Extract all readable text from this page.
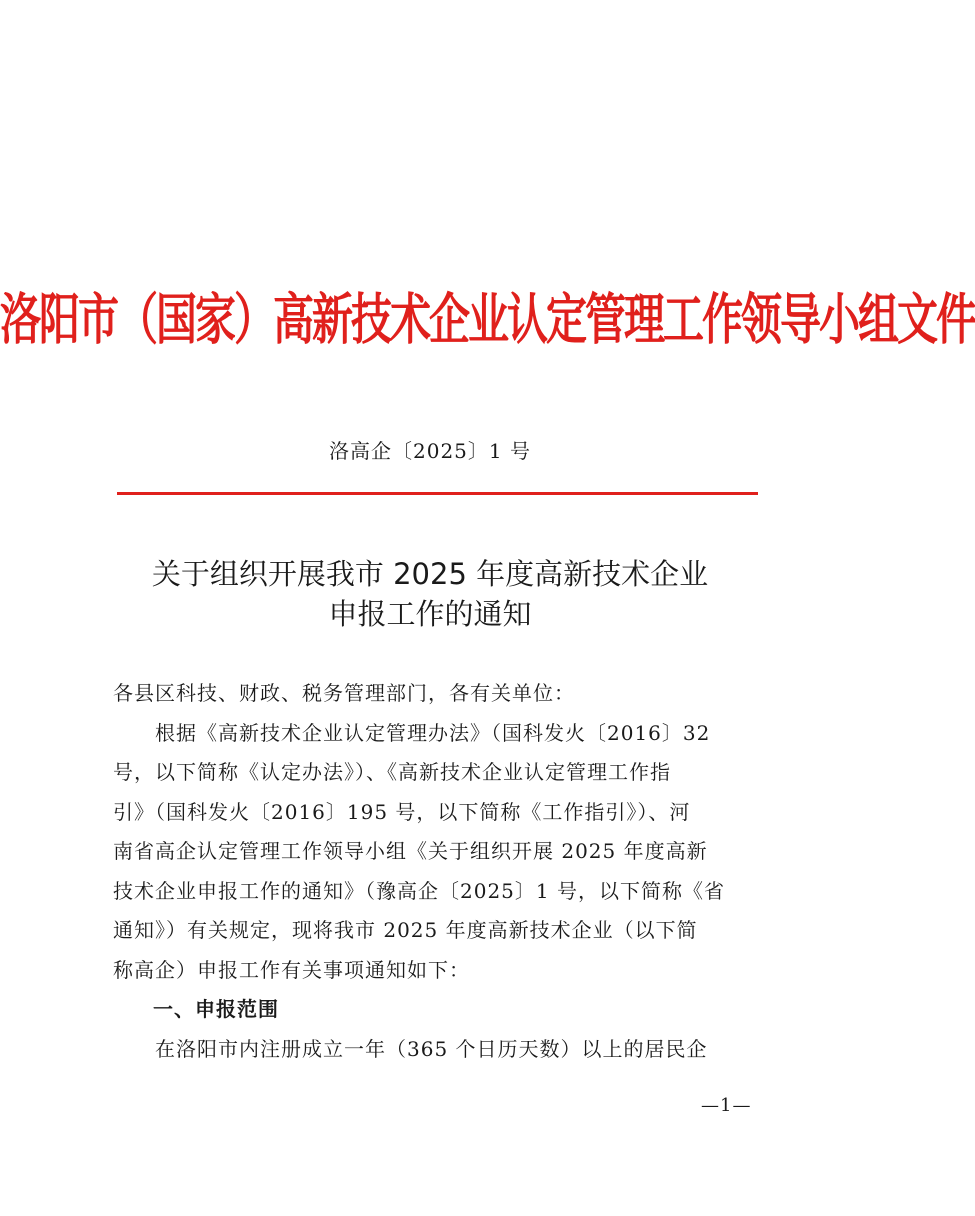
洛阳市（国家）高新技术企业认定管理工作领导小组文件
洛高企〔2025〕1 号
关于组织开展我市 2025 年度高新技术企业
申报工作的通知
各县区科技、财政、税务管理部门，各有关单位：
根据《高新技术企业认定管理办法》（国科发火〔2016〕32
号，以下简称《认定办法》）、《高新技术企业认定管理工作指
引》（国科发火〔2016〕195 号，以下简称《工作指引》）、河
南省高企认定管理工作领导小组《关于组织开展 2025 年度高新
技术企业申报工作的通知》（豫高企〔2025〕1 号，以下简称《省
通知》）有关规定，现将我市 2025 年度高新技术企业（以下简
称高企）申报工作有关事项通知如下：
一、申报范围
在洛阳市内注册成立一年（365 个日历天数）以上的居民企
—1—
